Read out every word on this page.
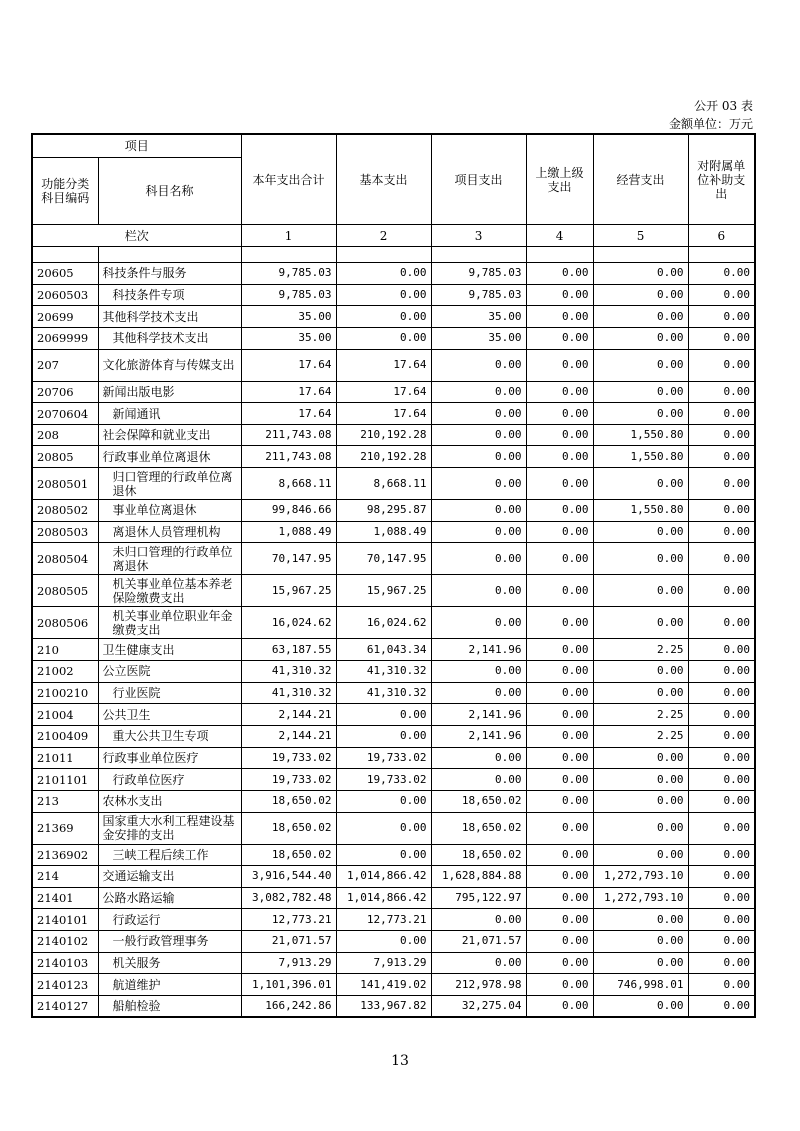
公开 03 表
金额单位：万元
项目		本年支出合计	基本支出	项目支出	上缴上级支出	经营支出	对附属单位补助支出
功能分类科目编码	科目名称						
栏次		1	2	3	4	5	6

20605	科技条件与服务	9,785.03	0.00	9,785.03	0.00	0.00	0.00
2060503	科技条件专项	9,785.03	0.00	9,785.03	0.00	0.00	0.00
20699	其他科学技术支出	35.00	0.00	35.00	0.00	0.00	0.00
2069999	其他科学技术支出	35.00	0.00	35.00	0.00	0.00	0.00
207	文化旅游体育与传媒支出	17.64	17.64	0.00	0.00	0.00	0.00
20706	新闻出版电影	17.64	17.64	0.00	0.00	0.00	0.00
2070604	新闻通讯	17.64	17.64	0.00	0.00	0.00	0.00
208	社会保障和就业支出	211,743.08	210,192.28	0.00	0.00	1,550.80	0.00
20805	行政事业单位离退休	211,743.08	210,192.28	0.00	0.00	1,550.80	0.00
2080501	归口管理的行政单位离退休	8,668.11	8,668.11	0.00	0.00	0.00	0.00
2080502	事业单位离退休	99,846.66	98,295.87	0.00	0.00	1,550.80	0.00
2080503	离退休人员管理机构	1,088.49	1,088.49	0.00	0.00	0.00	0.00
2080504	未归口管理的行政单位离退休	70,147.95	70,147.95	0.00	0.00	0.00	0.00
2080505	机关事业单位基本养老保险缴费支出	15,967.25	15,967.25	0.00	0.00	0.00	0.00
2080506	机关事业单位职业年金缴费支出	16,024.62	16,024.62	0.00	0.00	0.00	0.00
210	卫生健康支出	63,187.55	61,043.34	2,141.96	0.00	2.25	0.00
21002	公立医院	41,310.32	41,310.32	0.00	0.00	0.00	0.00
2100210	行业医院	41,310.32	41,310.32	0.00	0.00	0.00	0.00
21004	公共卫生	2,144.21	0.00	2,141.96	0.00	2.25	0.00
2100409	重大公共卫生专项	2,144.21	0.00	2,141.96	0.00	2.25	0.00
21011	行政事业单位医疗	19,733.02	19,733.02	0.00	0.00	0.00	0.00
2101101	行政单位医疗	19,733.02	19,733.02	0.00	0.00	0.00	0.00
213	农林水支出	18,650.02	0.00	18,650.02	0.00	0.00	0.00
21369	国家重大水利工程建设基金安排的支出	18,650.02	0.00	18,650.02	0.00	0.00	0.00
2136902	三峡工程后续工作	18,650.02	0.00	18,650.02	0.00	0.00	0.00
214	交通运输支出	3,916,544.40	1,014,866.42	1,628,884.88	0.00	1,272,793.10	0.00
21401	公路水路运输	3,082,782.48	1,014,866.42	795,122.97	0.00	1,272,793.10	0.00
2140101	行政运行	12,773.21	12,773.21	0.00	0.00	0.00	0.00
2140102	一般行政管理事务	21,071.57	0.00	21,071.57	0.00	0.00	0.00
2140103	机关服务	7,913.29	7,913.29	0.00	0.00	0.00	0.00
2140123	航道维护	1,101,396.01	141,419.02	212,978.98	0.00	746,998.01	0.00
2140127	船舶检验	166,242.86	133,967.82	32,275.04	0.00	0.00	0.00
13
